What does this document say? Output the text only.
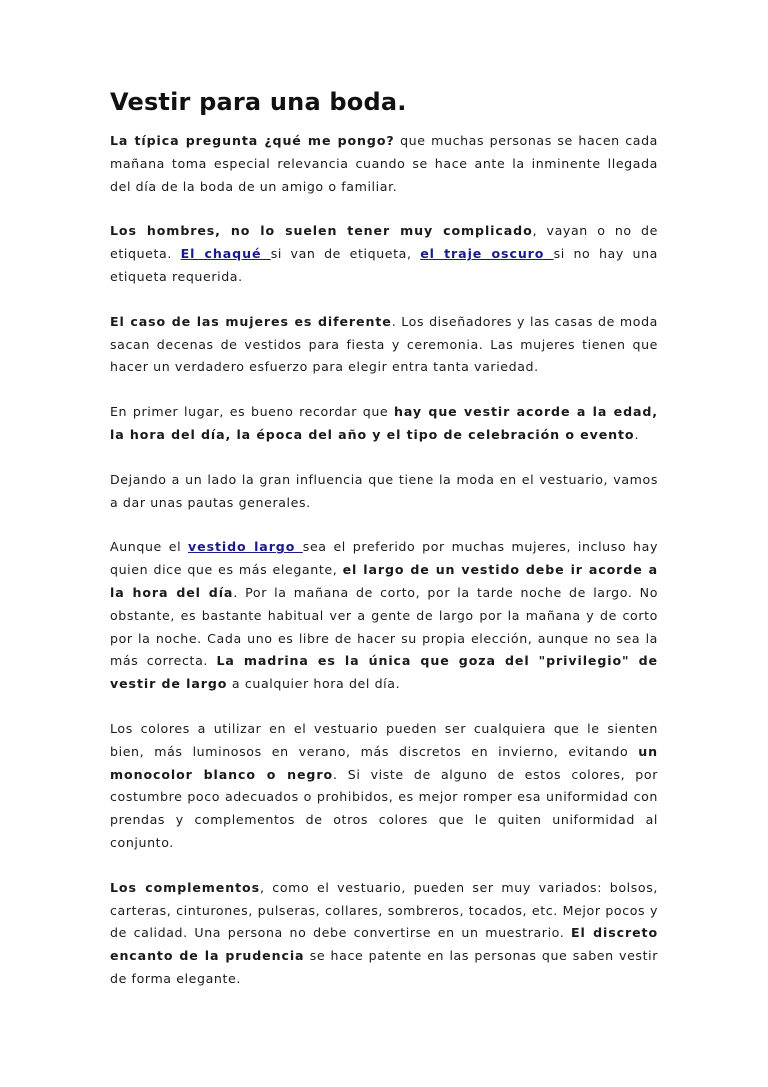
Vestir para una boda.

La típica pregunta ¿qué me pongo? que muchas personas se hacen cada mañana toma especial relevancia cuando se hace ante la inminente llegada del día de la boda de un amigo o familiar.

Los hombres, no lo suelen tener muy complicado, vayan o no de etiqueta. El chaqué si van de etiqueta, el traje oscuro si no hay una etiqueta requerida.

El caso de las mujeres es diferente. Los diseñadores y las casas de moda sacan decenas de vestidos para fiesta y ceremonia. Las mujeres tienen que hacer un verdadero esfuerzo para elegir entra tanta variedad.

En primer lugar, es bueno recordar que hay que vestir acorde a la edad, la hora del día, la época del año y el tipo de celebración o evento.

Dejando a un lado la gran influencia que tiene la moda en el vestuario, vamos a dar unas pautas generales.

Aunque el vestido largo sea el preferido por muchas mujeres, incluso hay quien dice que es más elegante, el largo de un vestido debe ir acorde a la hora del día. Por la mañana de corto, por la tarde noche de largo. No obstante, es bastante habitual ver a gente de largo por la mañana y de corto por la noche. Cada uno es libre de hacer su propia elección, aunque no sea la más correcta. La madrina es la única que goza del "privilegio" de vestir de largo a cualquier hora del día.

Los colores a utilizar en el vestuario pueden ser cualquiera que le sienten bien, más luminosos en verano, más discretos en invierno, evitando un monocolor blanco o negro. Si viste de alguno de estos colores, por costumbre poco adecuados o prohibidos, es mejor romper esa uniformidad con prendas y complementos de otros colores que le quiten uniformidad al conjunto.

Los complementos, como el vestuario, pueden ser muy variados: bolsos, carteras, cinturones, pulseras, collares, sombreros, tocados, etc. Mejor pocos y de calidad. Una persona no debe convertirse en un muestrario. El discreto encanto de la prudencia se hace patente en las personas que saben vestir de forma elegante.
